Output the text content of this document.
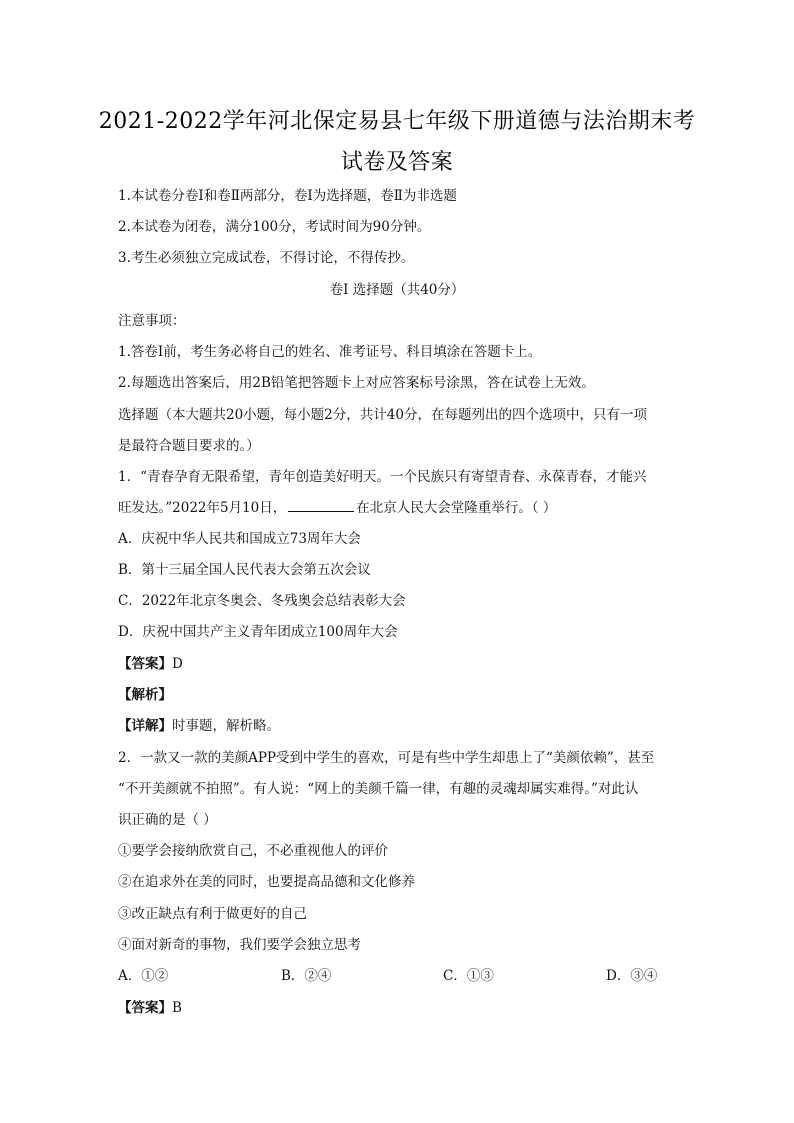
2021-2022学年河北保定易县七年级下册道德与法治期末考
试卷及答案
1.本试卷分卷Ⅰ和卷Ⅱ两部分，卷Ⅰ为选择题，卷Ⅱ为非选题
2.本试卷为闭卷，满分100分，考试时间为90分钟。
3.考生必须独立完成试卷，不得讨论，不得传抄。
卷Ⅰ 选择题（共40分）
注意事项：
1.答卷Ⅰ前，考生务必将自己的姓名、准考证号、科目填涂在答题卡上。
2.每题选出答案后，用2B铅笔把答题卡上对应答案标号涂黑，答在试卷上无效。
选择题（本大题共20小题，每小题2分，共计40分，在每题列出的四个选项中，只有一项
是最符合题目要求的。）
1．“青春孕育无限希望，青年创造美好明天。一个民族只有寄望青春、永葆青春，才能兴
旺发达。”2022年5月10日，	在北京人民大会堂隆重举行。（ ）
A．庆祝中华人民共和国成立73周年大会
B．第十三届全国人民代表大会第五次会议
C．2022年北京冬奥会、冬残奥会总结表彰大会
D．庆祝中国共产主义青年团成立100周年大会
【答案】D
【解析】
【详解】时事题，解析略。
2．一款又一款的美颜APP受到中学生的喜欢，可是有些中学生却患上了“美颜依赖”，甚至
“不开美颜就不拍照”。有人说：“网上的美颜千篇一律，有趣的灵魂却属实难得。”对此认
识正确的是（ ）
①要学会接纳欣赏自己，不必重视他人的评价
②在追求外在美的同时，也要提高品德和文化修养
③改正缺点有利于做更好的自己
④面对新奇的事物，我们要学会独立思考
A．①②	B．②④	C．①③	D．③④
【答案】B
